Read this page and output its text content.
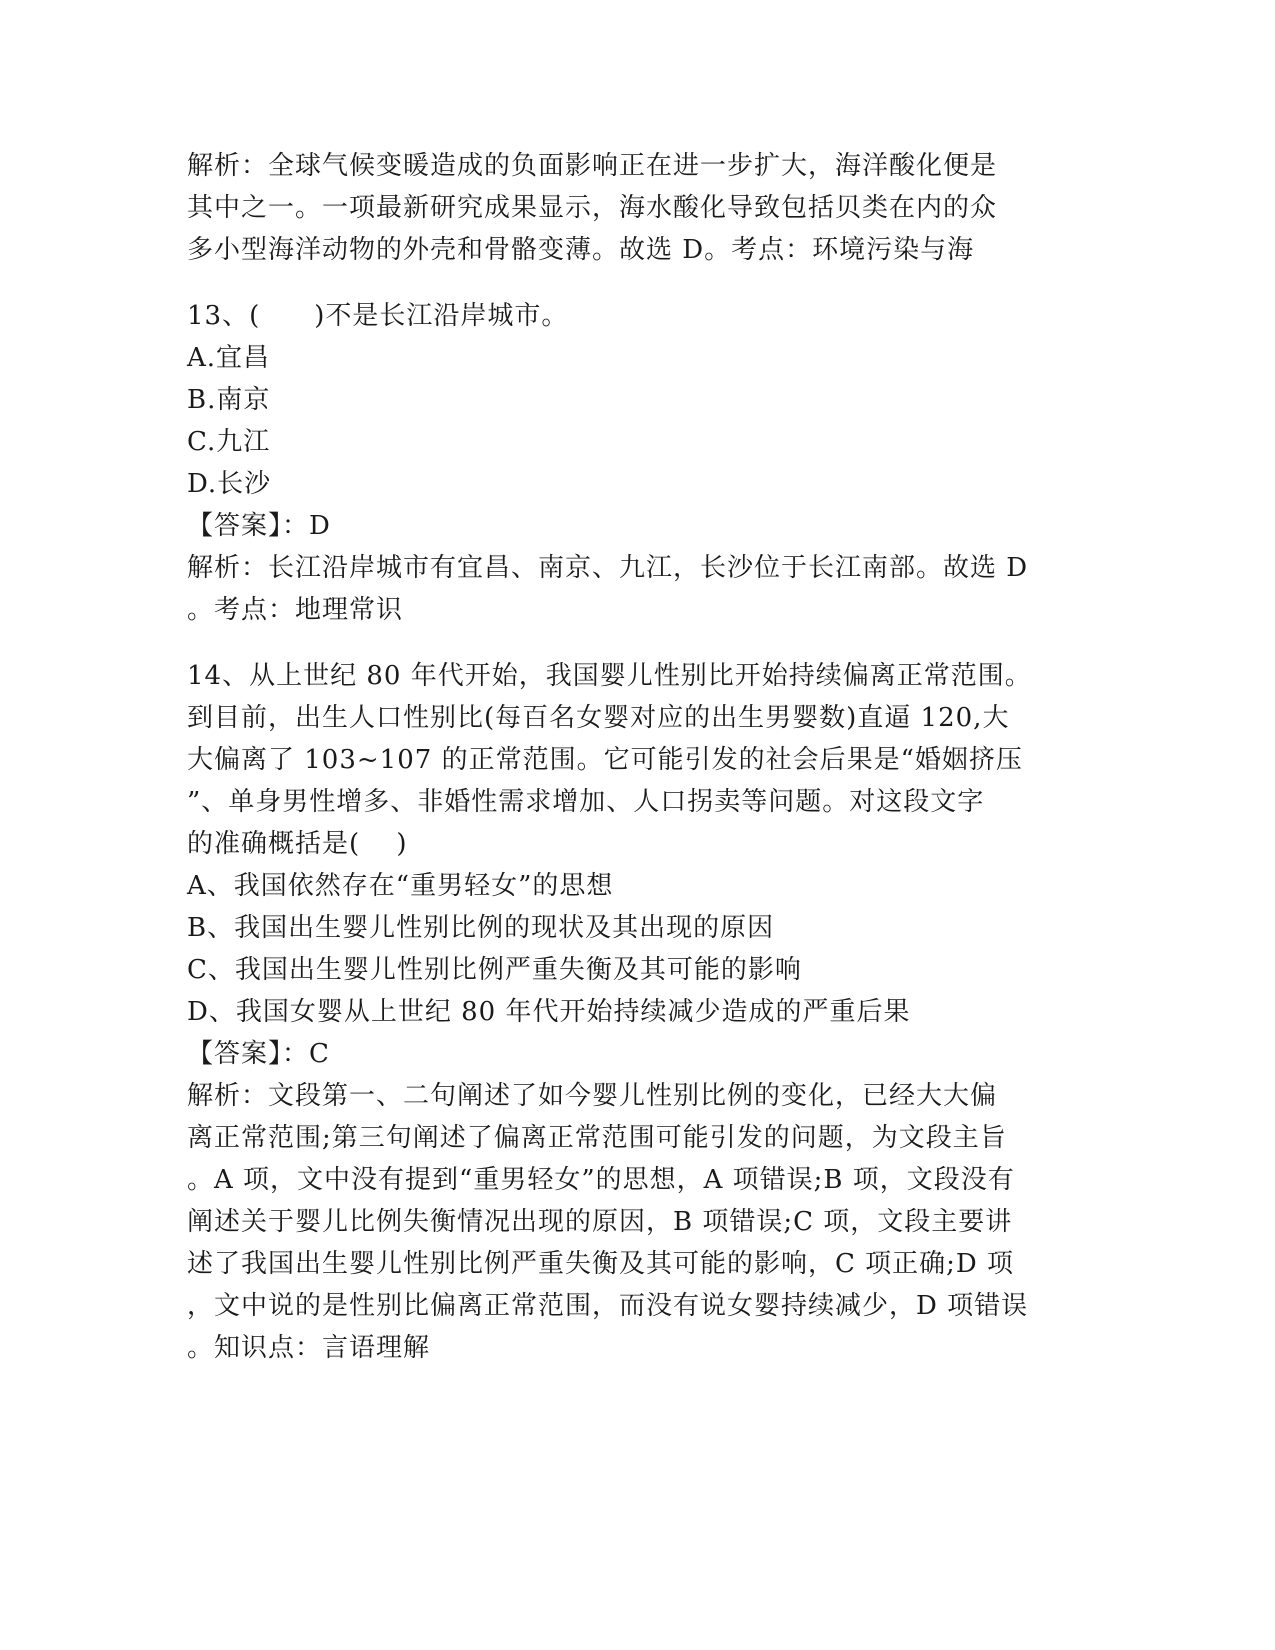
解析：全球气候变暖造成的负面影响正在进一步扩大，海洋酸化便是
其中之一。一项最新研究成果显示，海水酸化导致包括贝类在内的众
多小型海洋动物的外壳和骨骼变薄。故选 D。考点：环境污染与海
13、(　　)不是长江沿岸城市。
A.宜昌
B.南京
C.九江
D.长沙
【答案】：D
解析：长江沿岸城市有宜昌、南京、九江，长沙位于长江南部。故选 D
。考点：地理常识
14、从上世纪 80 年代开始，我国婴儿性别比开始持续偏离正常范围。
到目前，出生人口性别比(每百名女婴对应的出生男婴数)直逼 120,大
大偏离了 103~107 的正常范围。它可能引发的社会后果是“婚姻挤压
”、单身男性增多、非婚性需求增加、人口拐卖等问题。对这段文字
的准确概括是(　 )
A、我国依然存在“重男轻女”的思想
B、我国出生婴儿性别比例的现状及其出现的原因
C、我国出生婴儿性别比例严重失衡及其可能的影响
D、我国女婴从上世纪 80 年代开始持续减少造成的严重后果
【答案】：C
解析：文段第一、二句阐述了如今婴儿性别比例的变化，已经大大偏
离正常范围;第三句阐述了偏离正常范围可能引发的问题，为文段主旨
。A 项，文中没有提到“重男轻女”的思想，A 项错误;B 项，文段没有
阐述关于婴儿比例失衡情况出现的原因，B 项错误;C 项，文段主要讲
述了我国出生婴儿性别比例严重失衡及其可能的影响，C 项正确;D 项
，文中说的是性别比偏离正常范围，而没有说女婴持续减少，D 项错误
。知识点：言语理解
